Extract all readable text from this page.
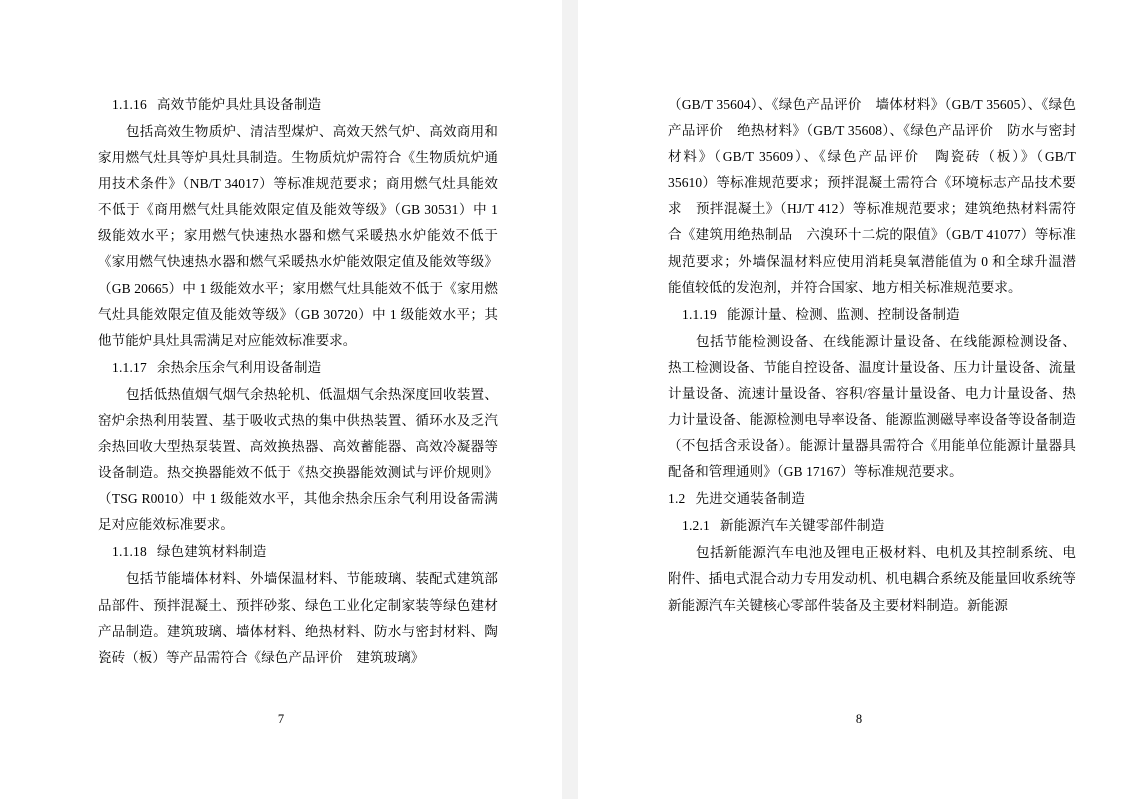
1.1.16 高效节能炉具灶具设备制造

包括高效生物质炉、清洁型煤炉、高效天然气炉、高效商用和家用燃气灶具等炉具灶具制造。生物质炕炉需符合《生物质炕炉通用技术条件》（NB/T 34017）等标准规范要求；商用燃气灶具能效不低于《商用燃气灶具能效限定值及能效等级》（GB 30531）中 1 级能效水平；家用燃气快速热水器和燃气采暖热水炉能效不低于《家用燃气快速热水器和燃气采暖热水炉能效限定值及能效等级》（GB 20665）中 1 级能效水平；家用燃气灶具能效不低于《家用燃气灶具能效限定值及能效等级》（GB 30720）中 1 级能效水平；其他节能炉具灶具需满足对应能效标准要求。

1.1.17 余热余压余气利用设备制造

包括低热值烟气烟气余热轮机、低温烟气余热深度回收装置、窑炉余热利用装置、基于吸收式热的集中供热装置、循环水及乏汽余热回收大型热泵装置、高效换热器、高效蓄能器、高效冷凝器等设备制造。热交换器能效不低于《热交换器能效测试与评价规则》（TSG R0010）中 1 级能效水平，其他余热余压余气利用设备需满足对应能效标准要求。

1.1.18 绿色建筑材料制造

包括节能墙体材料、外墙保温材料、节能玻璃、装配式建筑部品部件、预拌混凝土、预拌砂浆、绿色工业化定制家装等绿色建材产品制造。建筑玻璃、墙体材料、绝热材料、防水与密封材料、陶瓷砖（板）等产品需符合《绿色产品评价　建筑玻璃》

7

（GB/T 35604）、《绿色产品评价　墙体材料》（GB/T 35605）、《绿色产品评价　绝热材料》（GB/T 35608）、《绿色产品评价　防水与密封材料》（GB/T 35609）、《绿色产品评价　陶瓷砖（板）》（GB/T 35610）等标准规范要求；预拌混凝土需符合《环境标志产品技术要求　预拌混凝土》（HJ/T 412）等标准规范要求；建筑绝热材料需符合《建筑用绝热制品　六溴环十二烷的限值》（GB/T 41077）等标准规范要求；外墙保温材料应使用消耗臭氧潜能值为 0 和全球升温潜能值较低的发泡剂，并符合国家、地方相关标准规范要求。

1.1.19 能源计量、检测、监测、控制设备制造

包括节能检测设备、在线能源计量设备、在线能源检测设备、热工检测设备、节能自控设备、温度计量设备、压力计量设备、流量计量设备、流速计量设备、容积/容量计量设备、电力计量设备、热力计量设备、能源检测电导率设备、能源监测磁导率设备等设备制造（不包括含汞设备）。能源计量器具需符合《用能单位能源计量器具配备和管理通则》（GB 17167）等标准规范要求。

1.2 先进交通装备制造
1.2.1 新能源汽车关键零部件制造

包括新能源汽车电池及锂电正极材料、电机及其控制系统、电附件、插电式混合动力专用发动机、机电耦合系统及能量回收系统等新能源汽车关键核心零部件装备及主要材料制造。新能源

8
